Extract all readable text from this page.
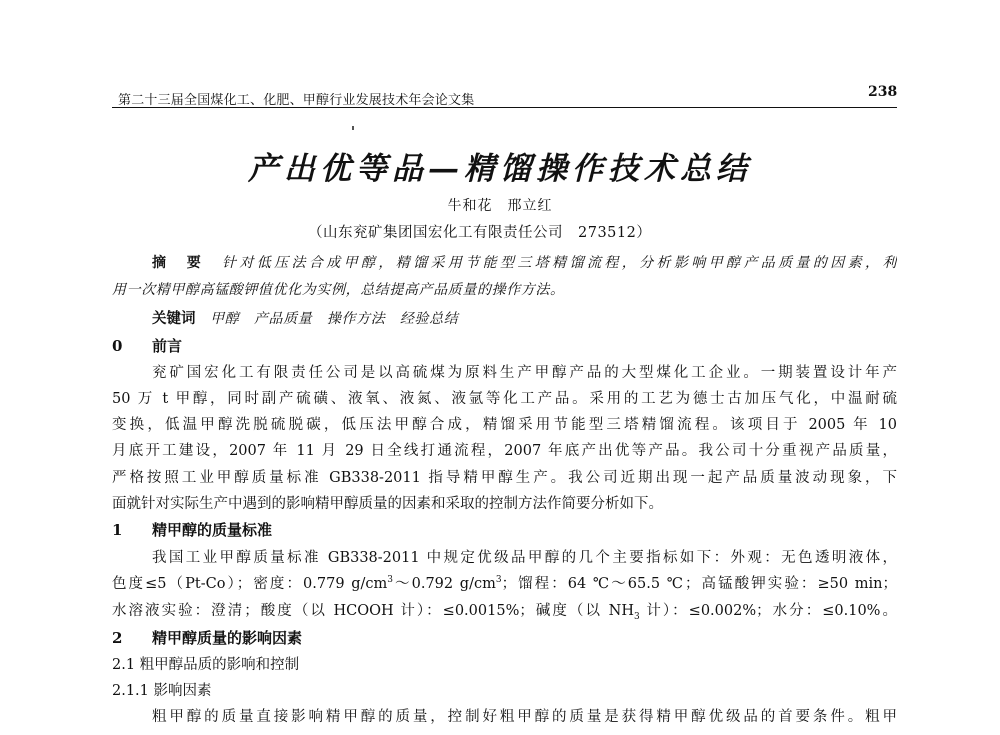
第二十三届全国煤化工、化肥、甲醇行业发展技术年会论文集
238
产出优等品—精馏操作技术总结
牛和花　邢立红
（山东兖矿集团国宏化工有限责任公司　273512）
摘　要 针对低压法合成甲醇，精馏采用节能型三塔精馏流程，分析影响甲醇产品质量的因素，利
用一次精甲醇高锰酸钾值优化为实例，总结提高产品质量的操作方法。
关键词 甲醇　产品质量　操作方法　经验总结
0 前言
兖矿国宏化工有限责任公司是以高硫煤为原料生产甲醇产品的大型煤化工企业。一期装置设计年产
50 万 t 甲醇，同时副产硫磺、液氧、液氮、液氩等化工产品。采用的工艺为德士古加压气化，中温耐硫
变换，低温甲醇洗脱硫脱碳，低压法甲醇合成，精馏采用节能型三塔精馏流程。该项目于 2005 年 10
月底开工建设，2007 年 11 月 29 日全线打通流程，2007 年底产出优等产品。我公司十分重视产品质量，
严格按照工业甲醇质量标准 GB338-2011 指导精甲醇生产。我公司近期出现一起产品质量波动现象，下
面就针对实际生产中遇到的影响精甲醇质量的因素和采取的控制方法作简要分析如下。
1 精甲醇的质量标准
我国工业甲醇质量标准 GB338-2011 中规定优级品甲醇的几个主要指标如下：外观：无色透明液体，
色度≤5（Pt-Co）；密度：0.779 $g/cm^3\sim 0.792$ $g/cm^3$；馏程：64 ℃～65.5 ℃；高锰酸钾实验：≥50 min；
水溶液实验：澄清；酸度（以 HCOOH 计）：≤0.0015%；碱度（以 $NH_3$ 计）：≤0.002%；水分：≤0.10%。
2 精甲醇质量的影响因素
2.1 粗甲醇品质的影响和控制
2.1.1 影响因素
粗甲醇的质量直接影响精甲醇的质量，控制好粗甲醇的质量是获得精甲醇优级品的首要条件。粗甲
